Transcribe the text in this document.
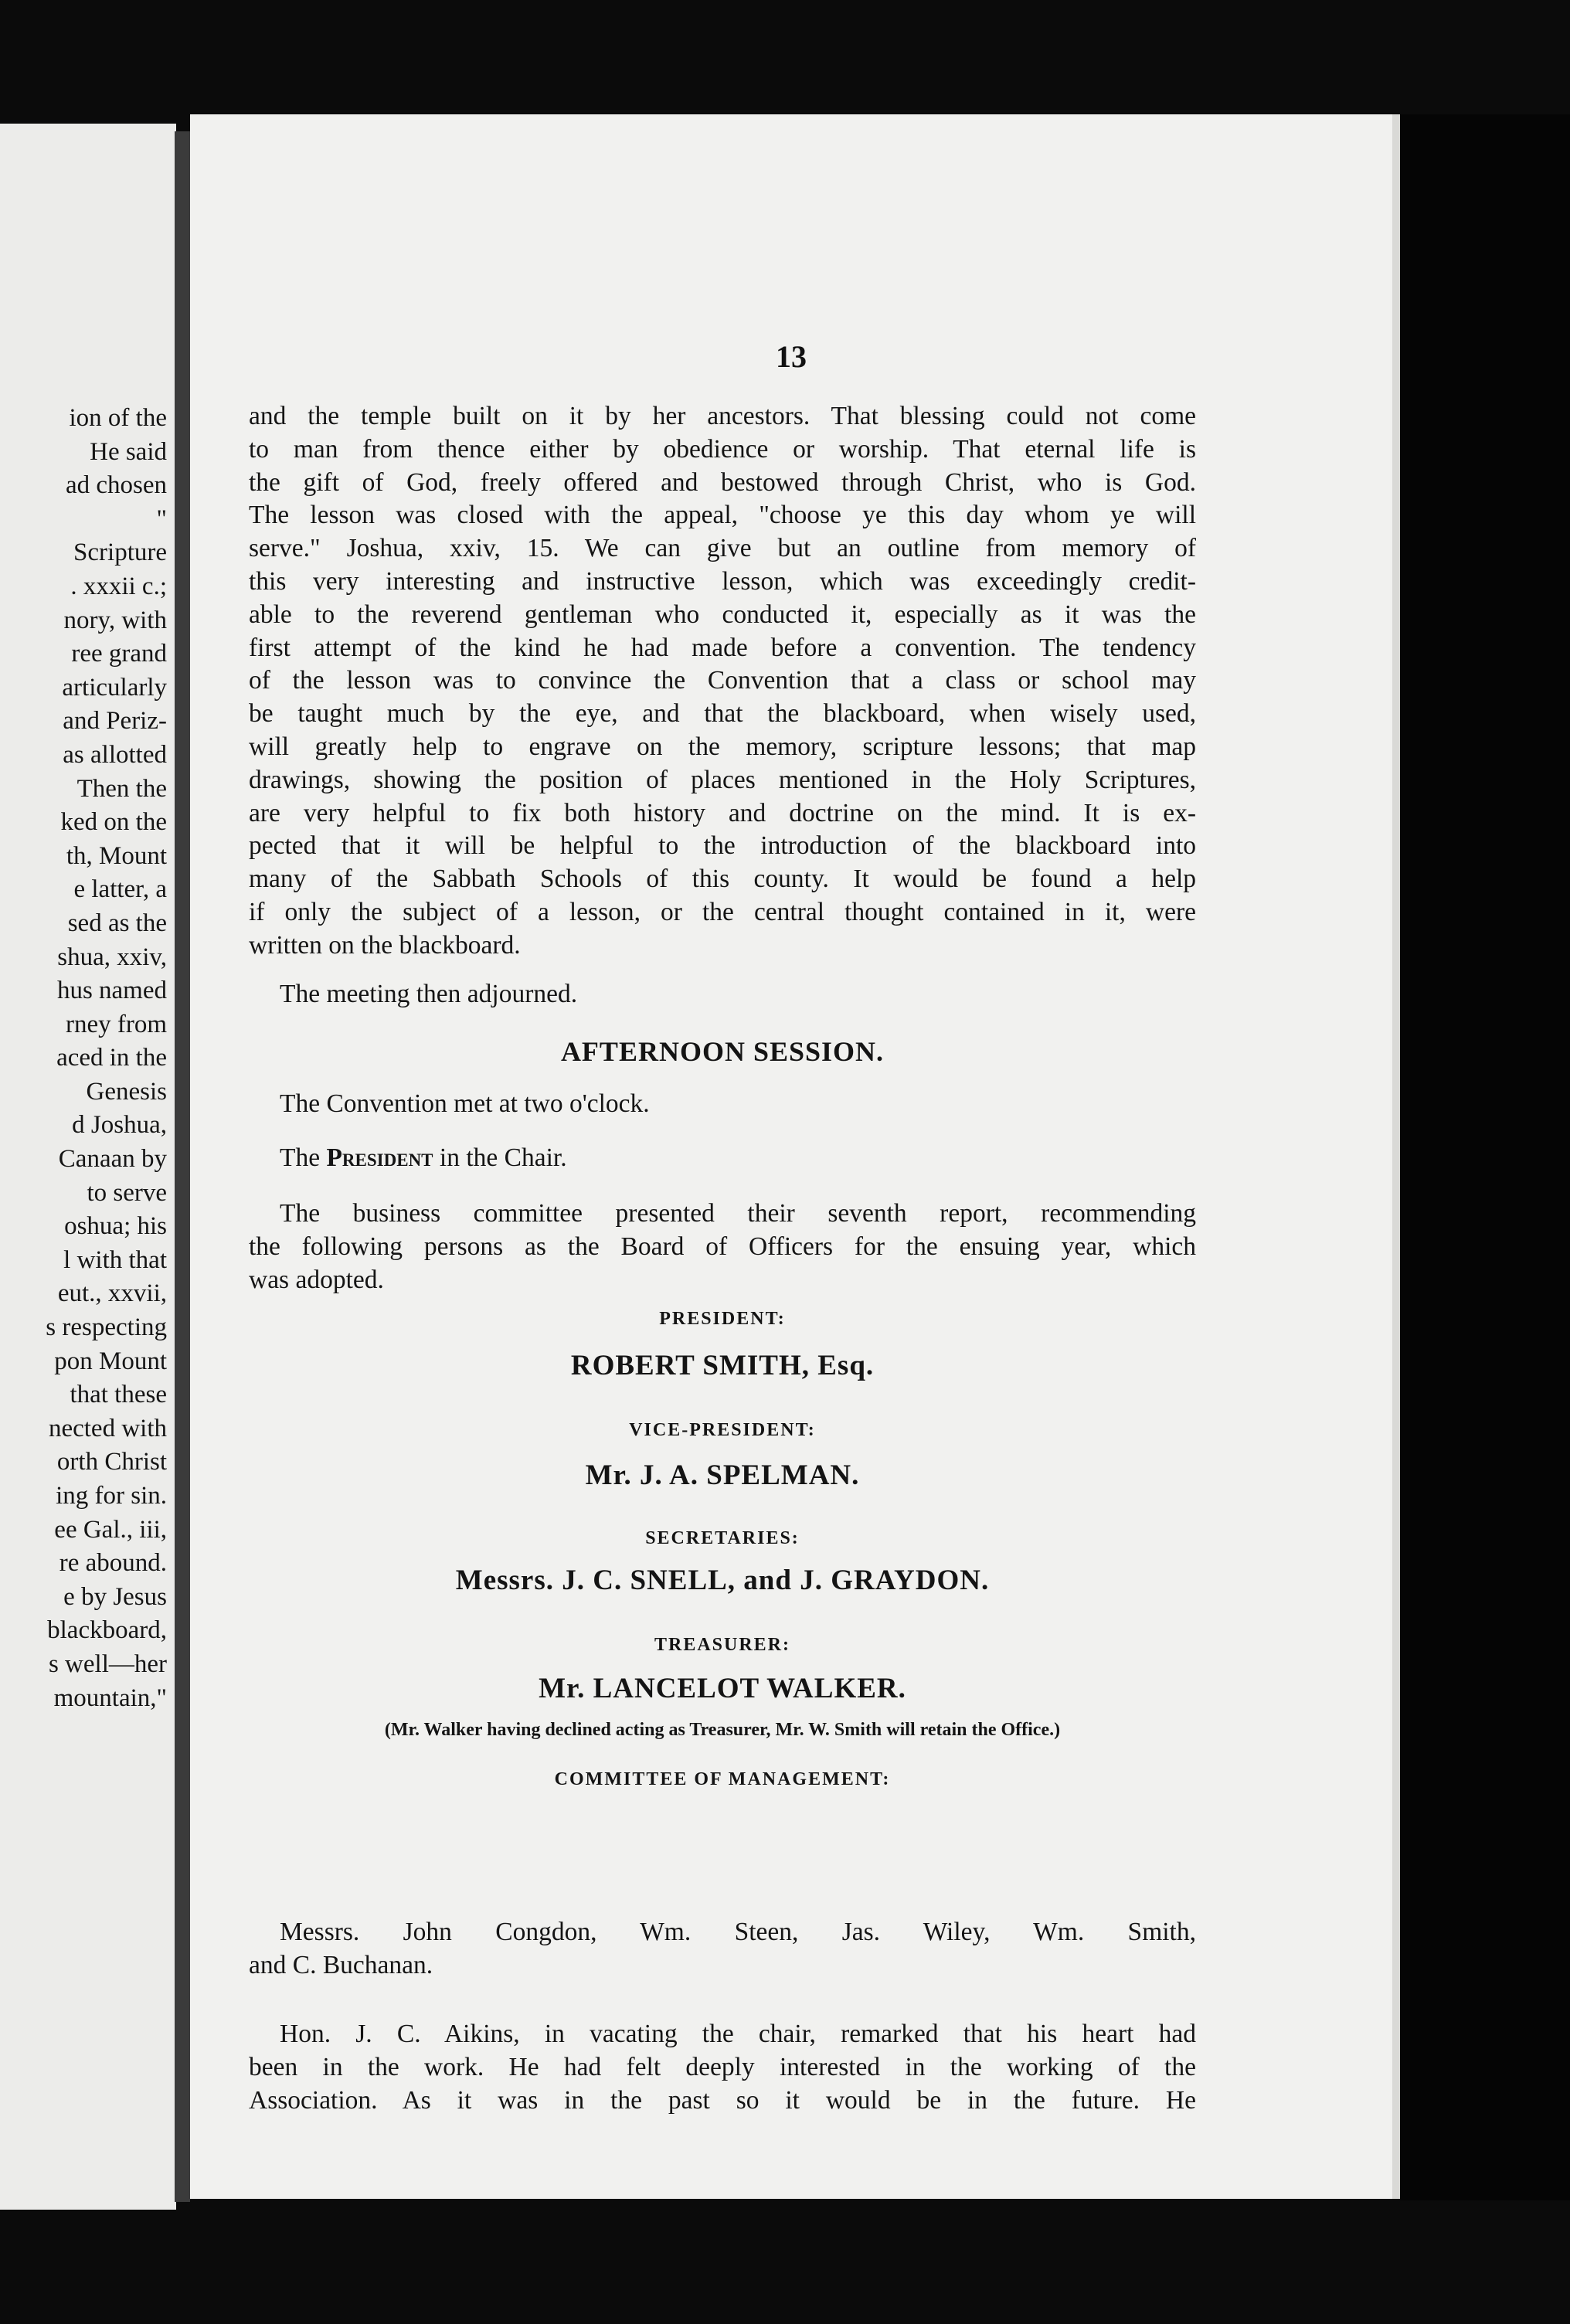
ion of the
He said
ad chosen
"
Scripture
. xxxii c.;
nory, with
ree grand
articularly
and Periz-
as allotted
Then the
ked on the
th, Mount
e latter, a
sed as the
shua, xxiv,
hus named
rney from
aced in the
Genesis
d Joshua,
Canaan by
to serve
oshua; his
l with that
eut., xxvii,
s respecting
pon Mount
that these
nected with
orth Christ
ing for sin.
ee Gal., iii,
re abound.
e by Jesus
blackboard,
s well—her
mountain,"
13
and the temple built on it by her ancestors. That blessing could not come
to man from thence either by obedience or worship. That eternal life is
the gift of God, freely offered and bestowed through Christ, who is God.
The lesson was closed with the appeal, "choose ye this day whom ye will
serve." Joshua, xxiv, 15. We can give but an outline from memory of
this very interesting and instructive lesson, which was exceedingly credit-
able to the reverend gentleman who conducted it, especially as it was the
first attempt of the kind he had made before a convention. The tendency
of the lesson was to convince the Convention that a class or school may
be taught much by the eye, and that the blackboard, when wisely used,
will greatly help to engrave on the memory, scripture lessons; that map
drawings, showing the position of places mentioned in the Holy Scriptures,
are very helpful to fix both history and doctrine on the mind. It is ex-
pected that it will be helpful to the introduction of the blackboard into
many of the Sabbath Schools of this county. It would be found a help
if only the subject of a lesson, or the central thought contained in it, were
written on the blackboard.
The meeting then adjourned.
AFTERNOON SESSION.
The Convention met at two o'clock.
The President in the Chair.
The business committee presented their seventh report, recommending
the following persons as the Board of Officers for the ensuing year, which
was adopted.
PRESIDENT:
ROBERT SMITH, Esq.
VICE-PRESIDENT:
Mr. J. A. SPELMAN.
SECRETARIES:
Messrs. J. C. SNELL, and J. GRAYDON.
TREASURER:
Mr. LANCELOT WALKER.
(Mr. Walker having declined acting as Treasurer, Mr. W. Smith will retain the Office.)
COMMITTEE OF MANAGEMENT:
Messrs. John Congdon, Wm. Steen, Jas. Wiley, Wm. Smith,
and C. Buchanan.
Hon. J. C. Aikins, in vacating the chair, remarked that his heart had
been in the work. He had felt deeply interested in the working of the
Association. As it was in the past so it would be in the future. He
